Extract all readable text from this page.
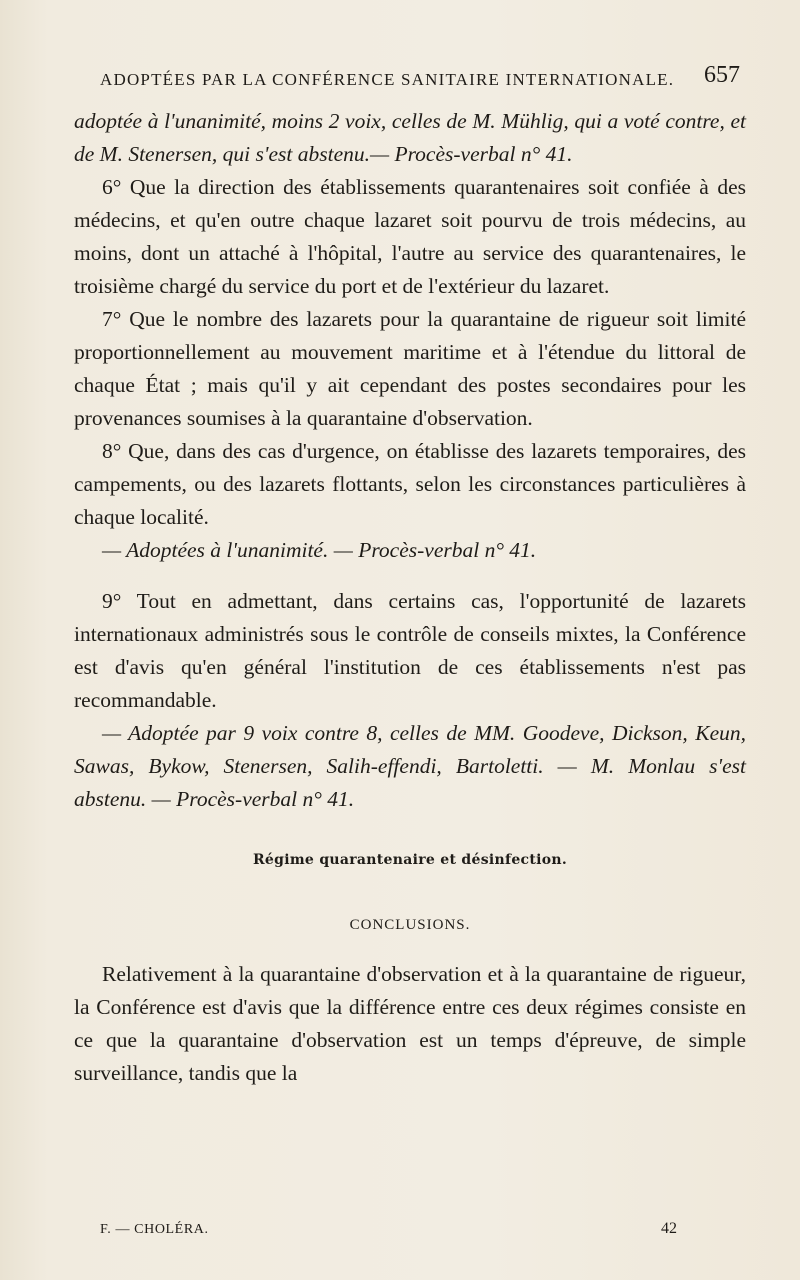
ADOPTÉES PAR LA CONFÉRENCE SANITAIRE INTERNATIONALE.	657

adoptée à l'unanimité, moins 2 voix, celles de M. Mühlig, qui a voté contre, et de M. Stenersen, qui s'est abstenu.— Procès-verbal n° 41.

6° Que la direction des établissements quarantenaires soit confiée à des médecins, et qu'en outre chaque lazaret soit pourvu de trois médecins, au moins, dont un attaché à l'hôpital, l'autre au service des quarantenaires, le troisième chargé du service du port et de l'extérieur du lazaret.

7° Que le nombre des lazarets pour la quarantaine de rigueur soit limité proportionnellement au mouvement maritime et à l'étendue du littoral de chaque État ; mais qu'il y ait cependant des postes secondaires pour les provenances soumises à la quarantaine d'observation.

8° Que, dans des cas d'urgence, on établisse des lazarets temporaires, des campements, ou des lazarets flottants, selon les circonstances particulières à chaque localité.

— Adoptées à l'unanimité. — Procès-verbal n° 41.

9° Tout en admettant, dans certains cas, l'opportunité de lazarets internationaux administrés sous le contrôle de conseils mixtes, la Conférence est d'avis qu'en général l'institution de ces établissements n'est pas recommandable.

— Adoptée par 9 voix contre 8, celles de MM. Goodeve, Dickson, Keun, Sawas, Bykow, Stenersen, Salih-effendi, Bartoletti. — M. Monlau s'est abstenu. — Procès-verbal n° 41.

Régime quarantenaire et désinfection.
CONCLUSIONS.

Relativement à la quarantaine d'observation et à la quarantaine de rigueur, la Conférence est d'avis que la différence entre ces deux régimes consiste en ce que la quarantaine d'observation est un temps d'épreuve, de simple surveillance, tandis que la

F. — CHOLÉRA.	42
